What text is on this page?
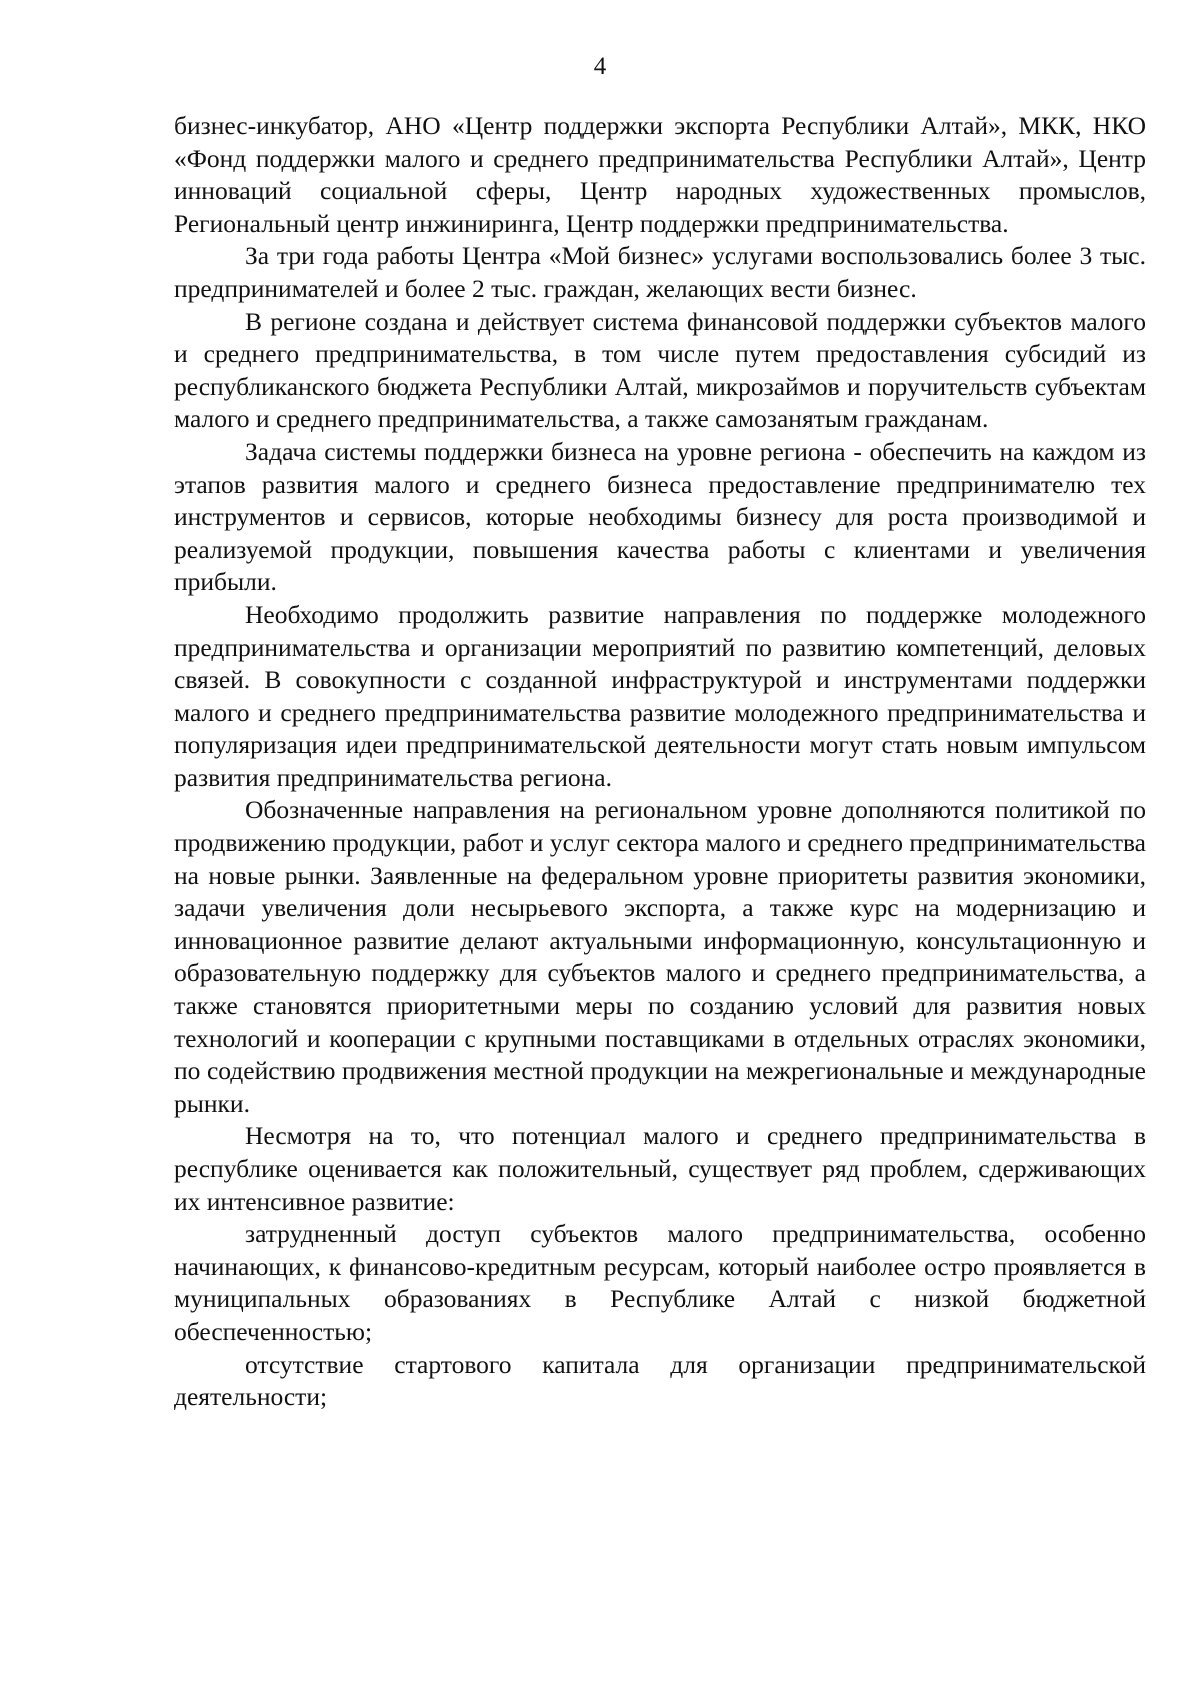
4

бизнес-инкубатор, АНО «Центр поддержки экспорта Республики Алтай», МКК, НКО «Фонд поддержки малого и среднего предпринимательства Республики Алтай», Центр инноваций социальной сферы, Центр народных художественных промыслов, Региональный центр инжиниринга, Центр поддержки предпринимательства.

За три года работы Центра «Мой бизнес» услугами воспользовались более 3 тыс. предпринимателей и более 2 тыс. граждан, желающих вести бизнес.

В регионе создана и действует система финансовой поддержки субъектов малого и среднего предпринимательства, в том числе путем предоставления субсидий из республиканского бюджета Республики Алтай, микрозаймов и поручительств субъектам малого и среднего предпринимательства, а также самозанятым гражданам.

Задача системы поддержки бизнеса на уровне региона - обеспечить на каждом из этапов развития малого и среднего бизнеса предоставление предпринимателю тех инструментов и сервисов, которые необходимы бизнесу для роста производимой и реализуемой продукции, повышения качества работы с клиентами и увеличения прибыли.

Необходимо продолжить развитие направления по поддержке молодежного предпринимательства и организации мероприятий по развитию компетенций, деловых связей. В совокупности с созданной инфраструктурой и инструментами поддержки малого и среднего предпринимательства развитие молодежного предпринимательства и популяризация идеи предпринимательской деятельности могут стать новым импульсом развития предпринимательства региона.

Обозначенные направления на региональном уровне дополняются политикой по продвижению продукции, работ и услуг сектора малого и среднего предпринимательства на новые рынки. Заявленные на федеральном уровне приоритеты развития экономики, задачи увеличения доли несырьевого экспорта, а также курс на модернизацию и инновационное развитие делают актуальными информационную, консультационную и образовательную поддержку для субъектов малого и среднего предпринимательства, а также становятся приоритетными меры по созданию условий для развития новых технологий и кооперации с крупными поставщиками в отдельных отраслях экономики, по содействию продвижения местной продукции на межрегиональные и международные рынки.

Несмотря на то, что потенциал малого и среднего предпринимательства в республике оценивается как положительный, существует ряд проблем, сдерживающих их интенсивное развитие:

затрудненный доступ субъектов малого предпринимательства, особенно начинающих, к финансово-кредитным ресурсам, который наиболее остро проявляется в муниципальных образованиях в Республике Алтай с низкой бюджетной обеспеченностью;

отсутствие стартового капитала для организации предпринимательской деятельности;
